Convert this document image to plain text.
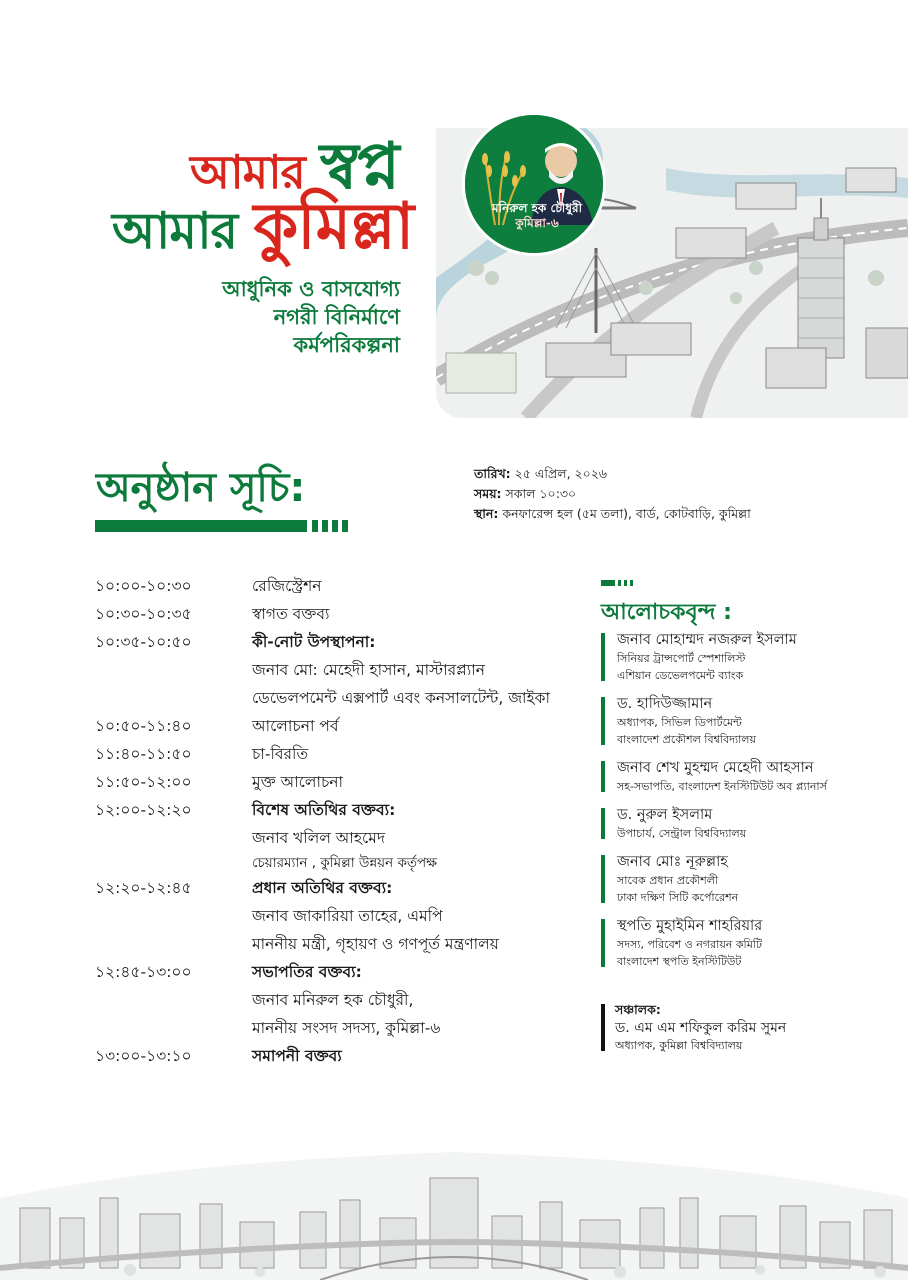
আমার স্বপ্ন
আমার কুমিল্লা
আধুনিক ও বাসযোগ্য
নগরী বিনির্মাণে
কর্মপরিকল্পনা
মনিরুল হক চৌধুরী
কুমিল্লা-৬
অনুষ্ঠান সূচি:	তারিখ: ২৫ এপ্রিল, ২০২৬
সময়: সকাল ১০:৩০
স্থান: কনফারেন্স হল (৫ম তলা), বার্ড, কোটবাড়ি, কুমিল্লা
১০:০০-১০:৩০	রেজিস্ট্রেশন
১০:৩০-১০:৩৫	স্বাগত বক্তব্য
১০:৩৫-১০:৫০	কী-নোট উপস্থাপনা:
জনাব মো: মেহেদী হাসান, মাস্টারপ্ল্যান
ডেভেলপমেন্ট এক্সপার্ট এবং কনসালটেন্ট, জাইকা
১০:৫০-১১:৪০	আলোচনা পর্ব
১১:৪০-১১:৫০	চা-বিরতি
১১:৫০-১২:০০	মুক্ত আলোচনা
১২:০০-১২:২০	বিশেষ অতিথির বক্তব্য:
জনাব খলিল আহমেদ
চেয়ারম্যান , কুমিল্লা উন্নয়ন কর্তৃপক্ষ
১২:২০-১২:৪৫	প্রধান অতিথির বক্তব্য:
জনাব জাকারিয়া তাহের, এমপি
মাননীয় মন্ত্রী, গৃহায়ণ ও গণপূর্ত মন্ত্রণালয়
১২:৪৫-১৩:০০	সভাপতির বক্তব্য:
জনাব মনিরুল হক চৌধুরী,
মাননীয় সংসদ সদস্য, কুমিল্লা-৬
১৩:০০-১৩:১০	সমাপনী বক্তব্য
আলোচকবৃন্দ :
জনাব মোহাম্মদ নজরুল ইসলাম
সিনিয়র ট্রান্সপোর্ট স্পেশালিস্ট
এশিয়ান ডেভেলপমেন্ট ব্যাংক
ড. হাদিউজ্জামান
অধ্যাপক, সিভিল ডিপার্টমেন্ট
বাংলাদেশ প্রকৌশল বিশ্ববিদ্যালয়
জনাব শেখ মুহম্মদ মেহেদী আহসান
সহ-সভাপতি, বাংলাদেশ ইনস্টিটিউট অব প্ল্যানার্স
ড. নুরুল ইসলাম
উপাচার্য, সেন্ট্রাল বিশ্ববিদ্যালয়
জনাব মোঃ নূরুল্লাহ
সাবেক প্রধান প্রকৌশলী
ঢাকা দক্ষিণ সিটি কর্পোরেশন
স্থপতি মুহাইমিন শাহরিয়ার
সদস্য, পরিবেশ ও নগরায়ন কমিটি
বাংলাদেশ স্থপতি ইনস্টিটিউট
সঞ্চালক:
ড. এম এম শফিকুল করিম সুমন
অধ্যাপক, কুমিল্লা বিশ্ববিদ্যালয়
